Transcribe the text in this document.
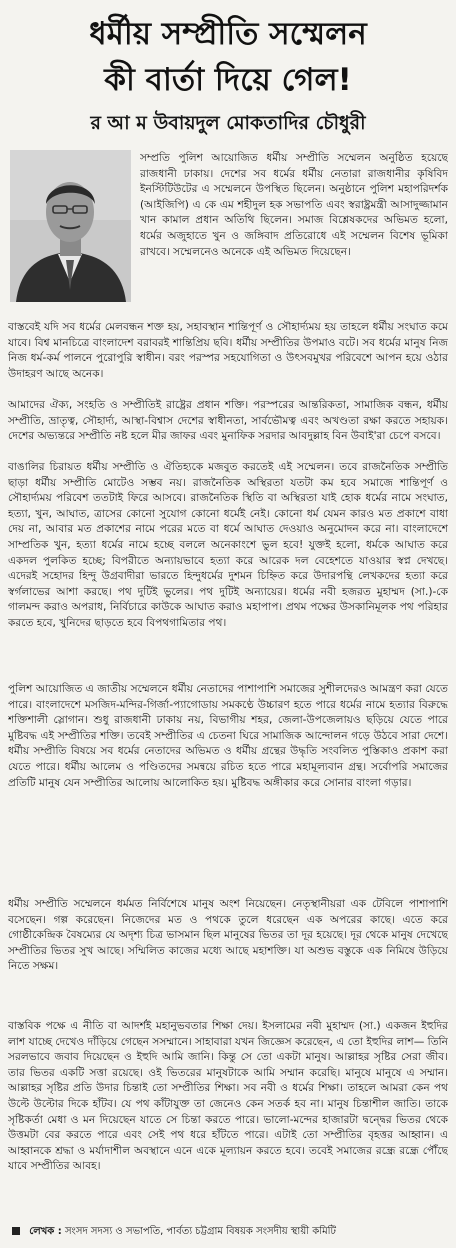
ধর্মীয় সম্প্রীতি সম্মেলন
কী বার্তা দিয়ে গেল!
র আ ম উবায়দুল মোকতাদির চৌধুরী

সম্প্রতি পুলিশ আয়োজিত ধর্মীয় সম্প্রীতি সম্মেলন অনুষ্ঠিত হয়েছে রাজধানী ঢাকায়। দেশের সব ধর্মের ধর্মীয় নেতারা রাজধানীর কৃষিবিদ ইনস্টিটিউটের এ সম্মেলনে উপস্থিত ছিলেন। অনুষ্ঠানে পুলিশ মহাপরিদর্শক (আইজিপি) এ কে এম শহীদুল হক সভাপতি এবং স্বরাষ্ট্রমন্ত্রী আসাদুজ্জামান খান কামাল প্রধান অতিথি ছিলেন। সমাজ বিশ্লেষকদের অভিমত হলো, ধর্মের অজুহাতে খুন ও জঙ্গিবাদ প্রতিরোধে এই সম্মেলন বিশেষ ভূমিকা রাখবে। সম্মেলনেও অনেকে এই অভিমত দিয়েছেন।

বাস্তবেই যদি সব ধর্মের মেলবন্ধন শক্ত হয়, সহাবস্থান শান্তিপূর্ণ ও সৌহার্দ্যময় হয় তাহলে ধর্মীয় সংঘাত কমে যাবে। বিশ্ব মানচিত্রে বাংলাদেশ বরাবরই শান্তিপ্রিয় ছবি। ধর্মীয় সম্প্রীতির উপমাও বটে। সব ধর্মের মানুষ নিজ নিজ ধর্ম-কর্ম পালনে পুরোপুরি স্বাধীন। বরং পরস্পর সহযোগিতা ও উৎসবমুখর পরিবেশে আপন হয়ে ওঠার উদাহরণ আছে অনেক।

আমাদের ঐক্য, সংহতি ও সম্প্রীতিই রাষ্ট্রের প্রধান শক্তি। পরস্পরের আন্তরিকতা, সামাজিক বন্ধন, ধর্মীয় সম্প্রীতি, ভ্রাতৃত্ব, সৌহার্দ্য, আস্থা-বিশ্বাস দেশের স্বাধীনতা, সার্বভৌমত্ব এবং অখণ্ডতা রক্ষা করতে সহায়ক। দেশের অভ্যন্তরে সম্প্রীতি নষ্ট হলে মীর জাফর এবং মুনাফিক সরদার আবদুল্লাহ বিন উবাই'রা চেপে বসবে।

বাঙালির চিরায়ত ধর্মীয় সম্প্রীতি ও ঐতিহ্যকে মজবুত করতেই এই সম্মেলন। তবে রাজনৈতিক সম্প্রীতি ছাড়া ধর্মীয় সম্প্রীতি মোটেও সম্ভব নয়। রাজনৈতিক অস্থিরতা যতটা কম হবে সমাজে শান্তিপূর্ণ ও সৌহার্দ্যময় পরিবেশ ততটাই ফিরে আসবে। রাজনৈতিক স্থিতি বা অস্থিরতা যাই হোক ধর্মের নামে সংঘাত, হত্যা, খুন, আঘাত, ত্রাসের কোনো সুযোগ কোনো ধর্মেই নেই। কোনো ধর্ম যেমন কারও মত প্রকাশে বাধা দেয় না, আবার মত প্রকাশের নামে পরের মতে বা ধর্মে আঘাত দেওয়াও অনুমোদন করে না। বাংলাদেশে সাম্প্রতিক খুন, হত্যা ধর্মের নামে হচ্ছে বললে অনেকাংশে ভুল হবে! যুক্তই হলো, ধর্মকে আঘাত করে একদল পুলকিত হচ্ছে; বিপরীতে অন্যায়ভাবে হত্যা করে আরেক দল বেহেশতে যাওয়ার স্বপ্ন দেখছে। এদেরই সহোদর হিন্দু উগ্রবাদীরা ভারতে হিন্দুধর্মের দুশমন চিহ্নিত করে উদারপন্থি লেখকদের হত্যা করে স্বর্গলাভের আশা করছে। পথ দুটিই ভুলের। পথ দুটিই অন্যায়ের। ধর্মের নবী হজরত মুহাম্মদ (সা.)-কে গালমন্দ করাও অপরাধ, নির্বিচারে কাউকে আঘাত করাও মহাপাপ। প্রথম পক্ষের উসকানিমূলক পথ পরিহার করতে হবে, খুনিদের ছাড়তে হবে বিপথগামিতার পথ।

পুলিশ আয়োজিত এ জাতীয় সম্মেলনে ধর্মীয় নেতাদের পাশাপাশি সমাজের সুশীলদেরও আমন্ত্রণ করা যেতে পারে। বাংলাদেশে মসজিদ-মন্দির-গির্জা-প্যাগোডায় সমকণ্ঠে উচ্চারণ হতে পারে ধর্মের নামে হত্যার বিরুদ্ধে শক্তিশালী স্লোগান। শুধু রাজধানী ঢাকায় নয়, বিভাগীয় শহর, জেলা-উপজেলায়ও ছড়িয়ে যেতে পারে মুষ্টিবদ্ধ এই সম্প্রীতির শক্তি। তবেই সম্প্রীতির এ চেতনা ঘিরে সামাজিক আন্দোলন গড়ে উঠবে সারা দেশে। ধর্মীয় সম্প্রীতি বিষয়ে সব ধর্মের নেতাদের অভিমত ও ধর্মীয় গ্রন্থের উদ্ধৃতি সংবলিত পুস্তিকাও প্রকাশ করা যেতে পারে। ধর্মীয় আলেম ও পণ্ডিতদের সমন্বয়ে রচিত হতে পারে মহামূল্যবান গ্রন্থ। সর্বোপরি সমাজের প্রতিটি মানুষ যেন সম্প্রীতির আলোয় আলোকিত হয়। মুষ্টিবদ্ধ অঙ্গীকার করে সোনার বাংলা গড়ার।

ধর্মীয় সম্প্রীতি সম্মেলনে ধর্মমত নির্বিশেষে মানুষ অংশ নিয়েছেন। নেতৃস্থানীয়রা এক টেবিলে পাশাপাশি বসেছেন। গল্প করেছেন। নিজেদের মত ও পথকে তুলে ধরেছেন এক অপরের কাছে। এতে করে গোষ্ঠীকেন্দ্রিক বৈষম্যের যে অদৃশ্য চিত্র ভাসমান ছিল মানুষের ভিতর তা দূর হয়েছে। দূর থেকে মানুষ দেখেছে সম্প্রীতির ভিতর সুখ আছে। সম্মিলিত কাজের মধ্যে আছে মহাশক্তি। যা অশুভ বস্তুকে এক নিমিষে উড়িয়ে নিতে সক্ষম।

বাস্তবিক পক্ষে এ নীতি বা আদর্শই মহানুভবতার শিক্ষা দেয়। ইসলামের নবী মুহাম্মদ (সা.) একজন ইহুদির লাশ যাচ্ছে দেখেও দাঁড়িয়ে গেছেন সসম্মানে। সাহাবারা যখন জিজ্ঞেস করেছেন, এ তো ইহুদির লাশ— তিনি সরলভাবে জবাব দিয়েছেন ও ইহুদি আমি জানি। কিন্তু সে তো একটা মানুষ। আল্লাহর সৃষ্টির সেরা জীব। তার ভিতর একটি সত্তা রয়েছে। ওই ভিতরের মানুষটাকে আমি সম্মান করেছি। মানুষে মানুষে এ সম্মান। আল্লাহর সৃষ্টির প্রতি উদার চিন্তাই তো সম্প্রীতির শিক্ষা। সব নবী ও ধর্মের শিক্ষা। তাহলে আমরা কেন পথ উল্টে উল্টোর দিকে হাঁটব। যে পথ কাঁটাযুক্ত তা জেনেও কেন সতর্ক হব না। মানুষ চিন্তাশীল জাতি। তাকে সৃষ্টিকর্তা মেধা ও মন দিয়েছেন যাতে সে চিন্তা করতে পারে। ভালো-মন্দের হাজারটা দ্বন্দ্বের ভিতর থেকে উত্তমটা বের করতে পারে এবং সেই পথ ধরে হাঁটতে পারে। এটাই তো সম্প্রীতির বৃহত্তর আহ্বান। এ আহ্বানকে শ্রদ্ধা ও মর্যাদাশীল অবস্থানে এনে একে মূল্যায়ন করতে হবে। তবেই সমাজের রন্ধ্রে রন্ধ্রে পৌঁছে যাবে সম্প্রীতির আবহ।

লেখক : সংসদ সদস্য ও সভাপতি, পার্বত্য চট্টগ্রাম বিষয়ক সংসদীয় স্থায়ী কমিটি
